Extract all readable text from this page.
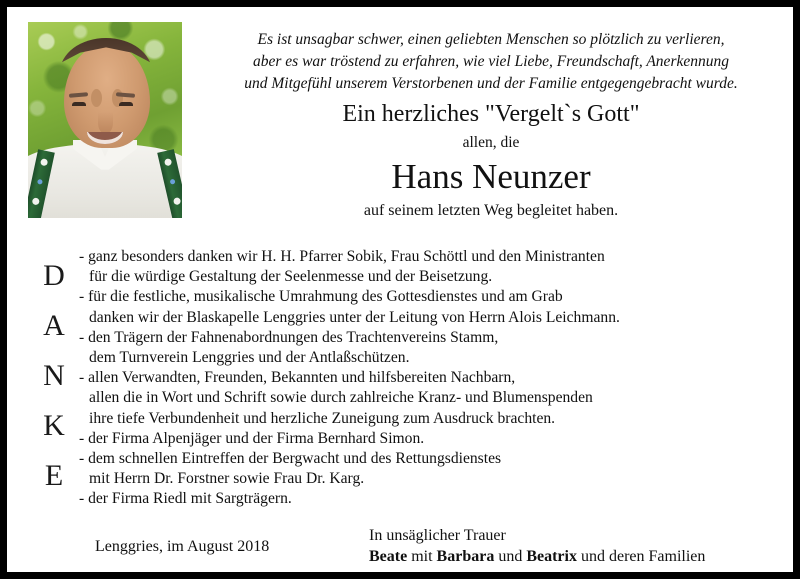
Es ist unsagbar schwer, einen geliebten Menschen so plötzlich zu verlieren,
aber es war tröstend zu erfahren, wie viel Liebe, Freundschaft, Anerkennung
und Mitgefühl unserem Verstorbenen und der Familie entgegengebracht wurde.
Ein herzliches "Vergelt`s Gott"
allen, die
Hans Neunzer
auf seinem letzten Weg begleitet haben.
D
A
N
K
E
- ganz besonders danken wir H. H. Pfarrer Sobik, Frau Schöttl und den Ministranten
für die würdige Gestaltung der Seelenmesse und der Beisetzung.
- für die festliche, musikalische Umrahmung des Gottesdienstes und am Grab
danken wir der Blaskapelle Lenggries unter der Leitung von Herrn Alois Leichmann.
- den Trägern der Fahnenabordnungen des Trachtenvereins Stamm,
dem Turnverein Lenggries und der Antlaßschützen.
- allen Verwandten, Freunden, Bekannten und hilfsbereiten Nachbarn,
allen die in Wort und Schrift sowie durch zahlreiche Kranz- und Blumenspenden
ihre tiefe Verbundenheit und herzliche Zuneigung zum Ausdruck brachten.
- der Firma Alpenjäger und der Firma Bernhard Simon.
- dem schnellen Eintreffen der Bergwacht und des Rettungsdienstes
mit Herrn Dr. Forstner sowie Frau Dr. Karg.
- der Firma Riedl mit Sargträgern.
Lenggries, im August 2018
In unsäglicher Trauer
Beate mit Barbara und Beatrix und deren Familien
